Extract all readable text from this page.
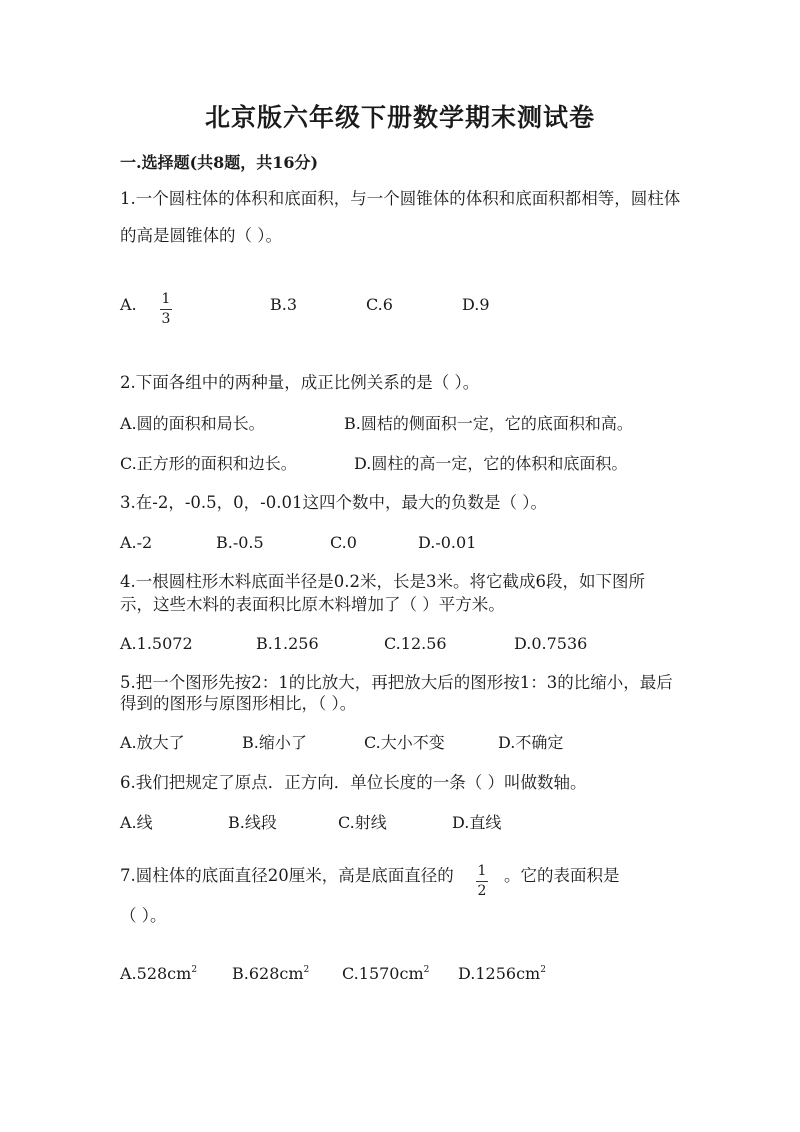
北京版六年级下册数学期末测试卷
一.选择题(共8题，共16分)
1.一个圆柱体的体积和底面积，与一个圆锥体的体积和底面积都相等，圆柱体
的高是圆锥体的（ ）。
A. $\frac{1}{3}$	B.3	C.6	D.9
2.下面各组中的两种量，成正比例关系的是（ ）。
A.圆的面积和局长。	B.圆桔的侧面积一定，它的底面积和高。
C.正方形的面积和边长。	D.圆柱的高一定，它的体积和底面积。
3.在-2，-0.5，0，-0.01这四个数中，最大的负数是（ ）。
A.-2	B.-0.5	C.0	D.-0.01
4.一根圆柱形木料底面半径是0.2米，长是3米。将它截成6段，如下图所
示，这些木料的表面积比原木料增加了（ ）平方米。
A.1.5072	B.1.256	C.12.56	D.0.7536
5.把一个图形先按2：1的比放大，再把放大后的图形按1：3的比缩小，最后
得到的图形与原图形相比，（ ）。
A.放大了	B.缩小了	C.大小不变	D.不确定
6.我们把规定了原点．正方向．单位长度的一条（ ）叫做数轴。
A.线	B.线段	C.射线	D.直线
7.圆柱体的底面直径20厘米，高是底面直径的 $\frac{1}{2}$ 。它的表面积是
（ ）。
$A.528cm^2$ $B.628cm^2$ $C.1570cm^2$ $D.1256cm^2$
